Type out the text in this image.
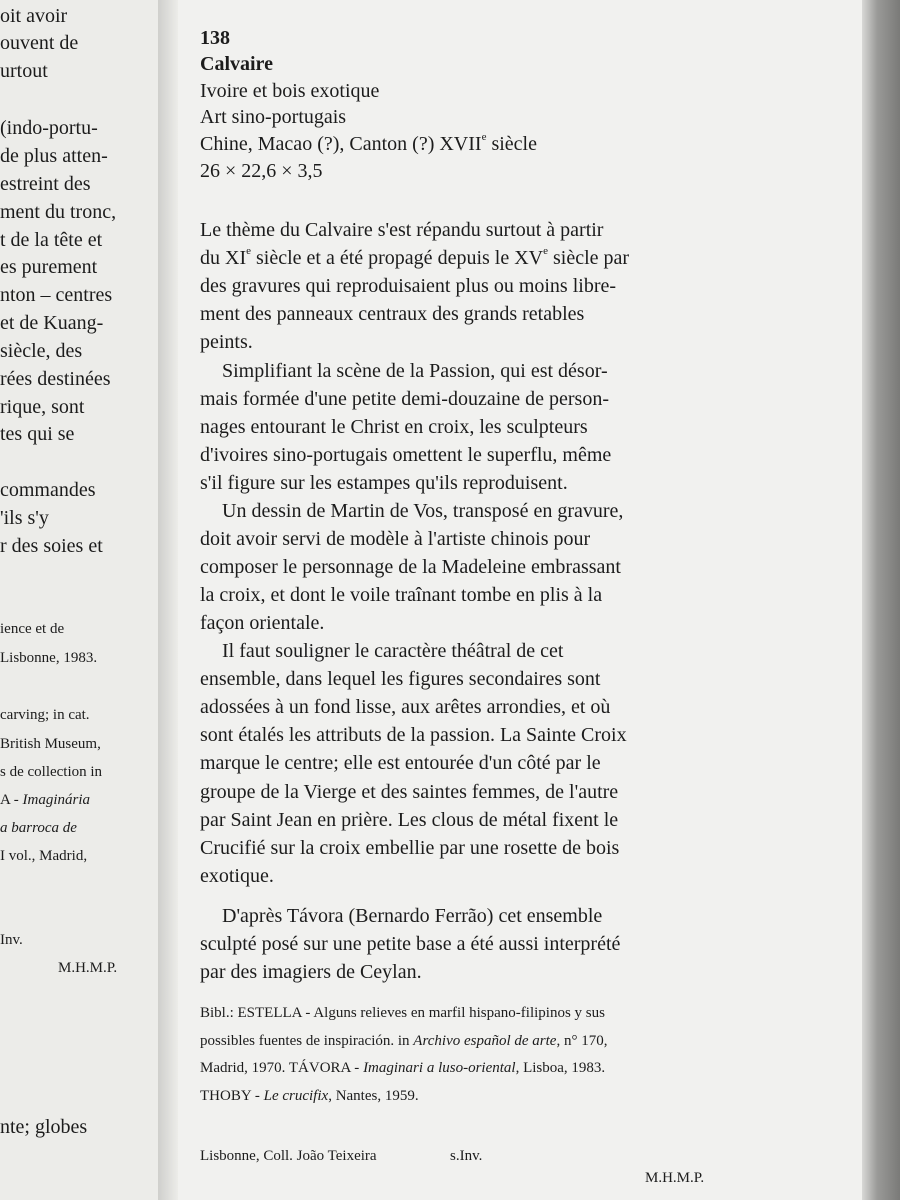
oit avoir
ouvent de
urtout
(indo-portu-
de plus atten-
estreint des
ment du tronc,
t de la tête et
es purement
nton – centres
et de Kuang-
siècle, des
rées destinées
rique, sont
tes qui se
commandes
'ils s'y
r des soies et
ience et de
Lisbonne, 1983.
carving; in cat.
British Museum,
s de collection in
A - Imaginária
a barroca de
I vol., Madrid,
Inv.
M.H.M.P.
nte; globes
138
Calvaire
Ivoire et bois exotique
Art sino-portugais
Chine, Macao (?), Canton (?) XVIIe siècle
26 × 22,6 × 3,5
Le thème du Calvaire s'est répandu surtout à partir
du XIe siècle et a été propagé depuis le XVe siècle par
des gravures qui reproduisaient plus ou moins libre-
ment des panneaux centraux des grands retables
peints.
Simplifiant la scène de la Passion, qui est désor-
mais formée d'une petite demi-douzaine de person-
nages entourant le Christ en croix, les sculpteurs
d'ivoires sino-portugais omettent le superflu, même
s'il figure sur les estampes qu'ils reproduisent.
Un dessin de Martin de Vos, transposé en gravure,
doit avoir servi de modèle à l'artiste chinois pour
composer le personnage de la Madeleine embrassant
la croix, et dont le voile traînant tombe en plis à la
façon orientale.
Il faut souligner le caractère théâtral de cet
ensemble, dans lequel les figures secondaires sont
adossées à un fond lisse, aux arêtes arrondies, et où
sont étalés les attributs de la passion. La Sainte Croix
marque le centre; elle est entourée d'un côté par le
groupe de la Vierge et des saintes femmes, de l'autre
par Saint Jean en prière. Les clous de métal fixent le
Crucifié sur la croix embellie par une rosette de bois
exotique.
D'après Távora (Bernardo Ferrão) cet ensemble
sculpté posé sur une petite base a été aussi interprété
par des imagiers de Ceylan.
Bibl.: ESTELLA - Alguns relieves en marfil hispano-filipinos y sus
possibles fuentes de inspiración. in Archivo español de arte, n° 170,
Madrid, 1970. TÁVORA - Imaginari a luso-oriental, Lisboa, 1983.
THOBY - Le crucifix, Nantes, 1959.
Lisbonne, Coll. João Teixeira	s.Inv.
M.H.M.P.
